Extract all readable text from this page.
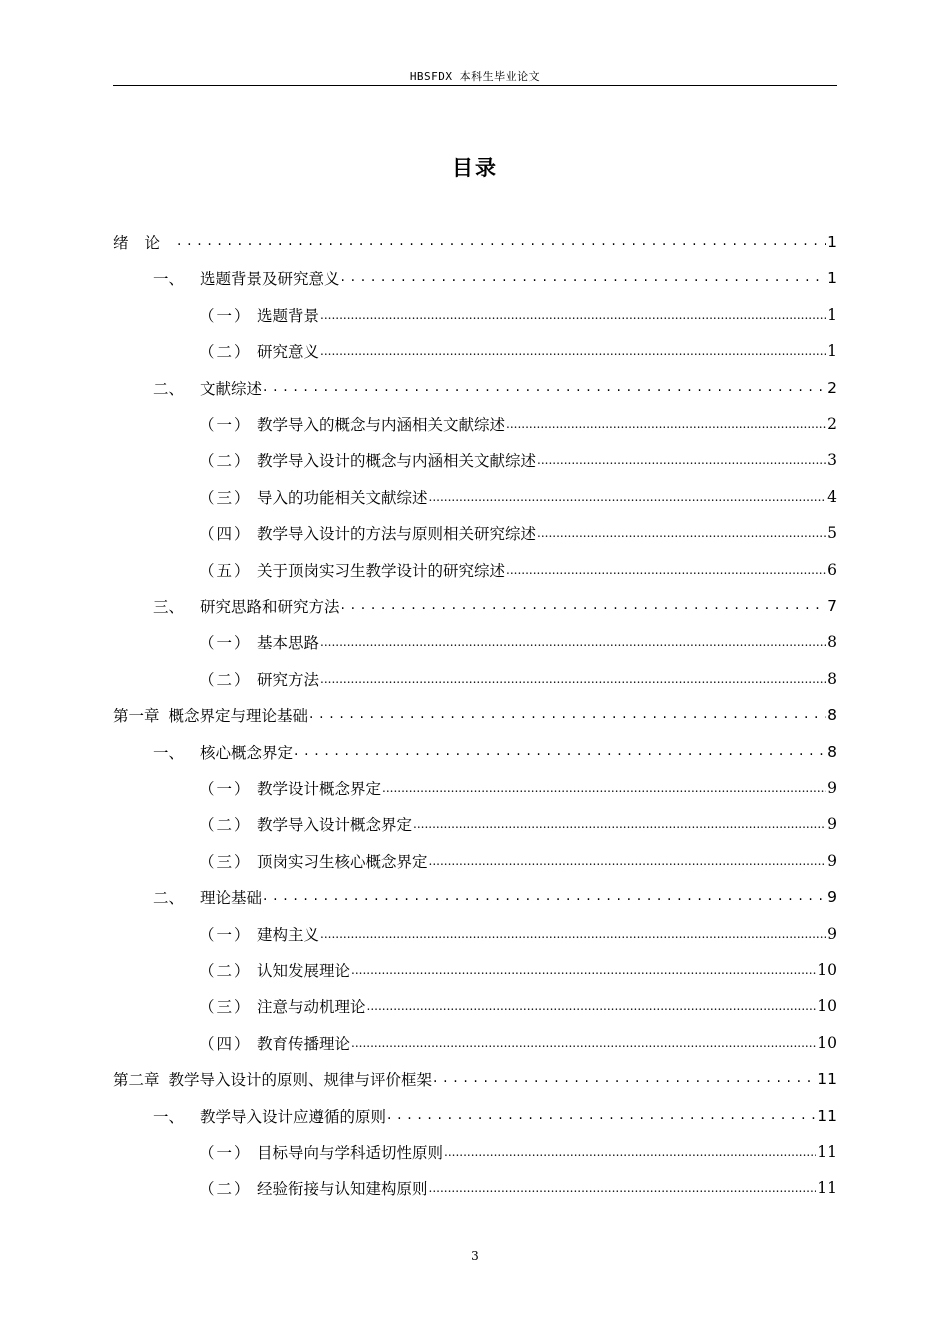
HBSFDX 本科生毕业论文
目录
绪论 . . .	1
一、	选题背景及研究意义 . . .	1
（一） 选题背景 .....	1
（二） 研究意义 .....	1
二、	文献综述 . . .	2
（一） 教学导入的概念与内涵相关文献综述 .....	2
（二） 教学导入设计的概念与内涵相关文献综述 .....	3
（三） 导入的功能相关文献综述 .....	4
（四） 教学导入设计的方法与原则相关研究综述 .....	5
（五） 关于顶岗实习生教学设计的研究综述 .....	6
三、	研究思路和研究方法 . . .	7
（一） 基本思路 .....	8
（二） 研究方法 .....	8
第一章 概念界定与理论基础 . . .	8
一、	核心概念界定 . . .	8
（一） 教学设计概念界定 .....	9
（二） 教学导入设计概念界定 .....	9
（三） 顶岗实习生核心概念界定 .....	9
二、	理论基础 . . .	9
（一） 建构主义 .....	9
（二） 认知发展理论 .....	10
（三） 注意与动机理论 .....	10
（四） 教育传播理论 .....	10
第二章 教学导入设计的原则、规律与评价框架 . . .	11
一、	教学导入设计应遵循的原则 . . .	11
（一） 目标导向与学科适切性原则 .....	11
（二） 经验衔接与认知建构原则 .....	11
3
